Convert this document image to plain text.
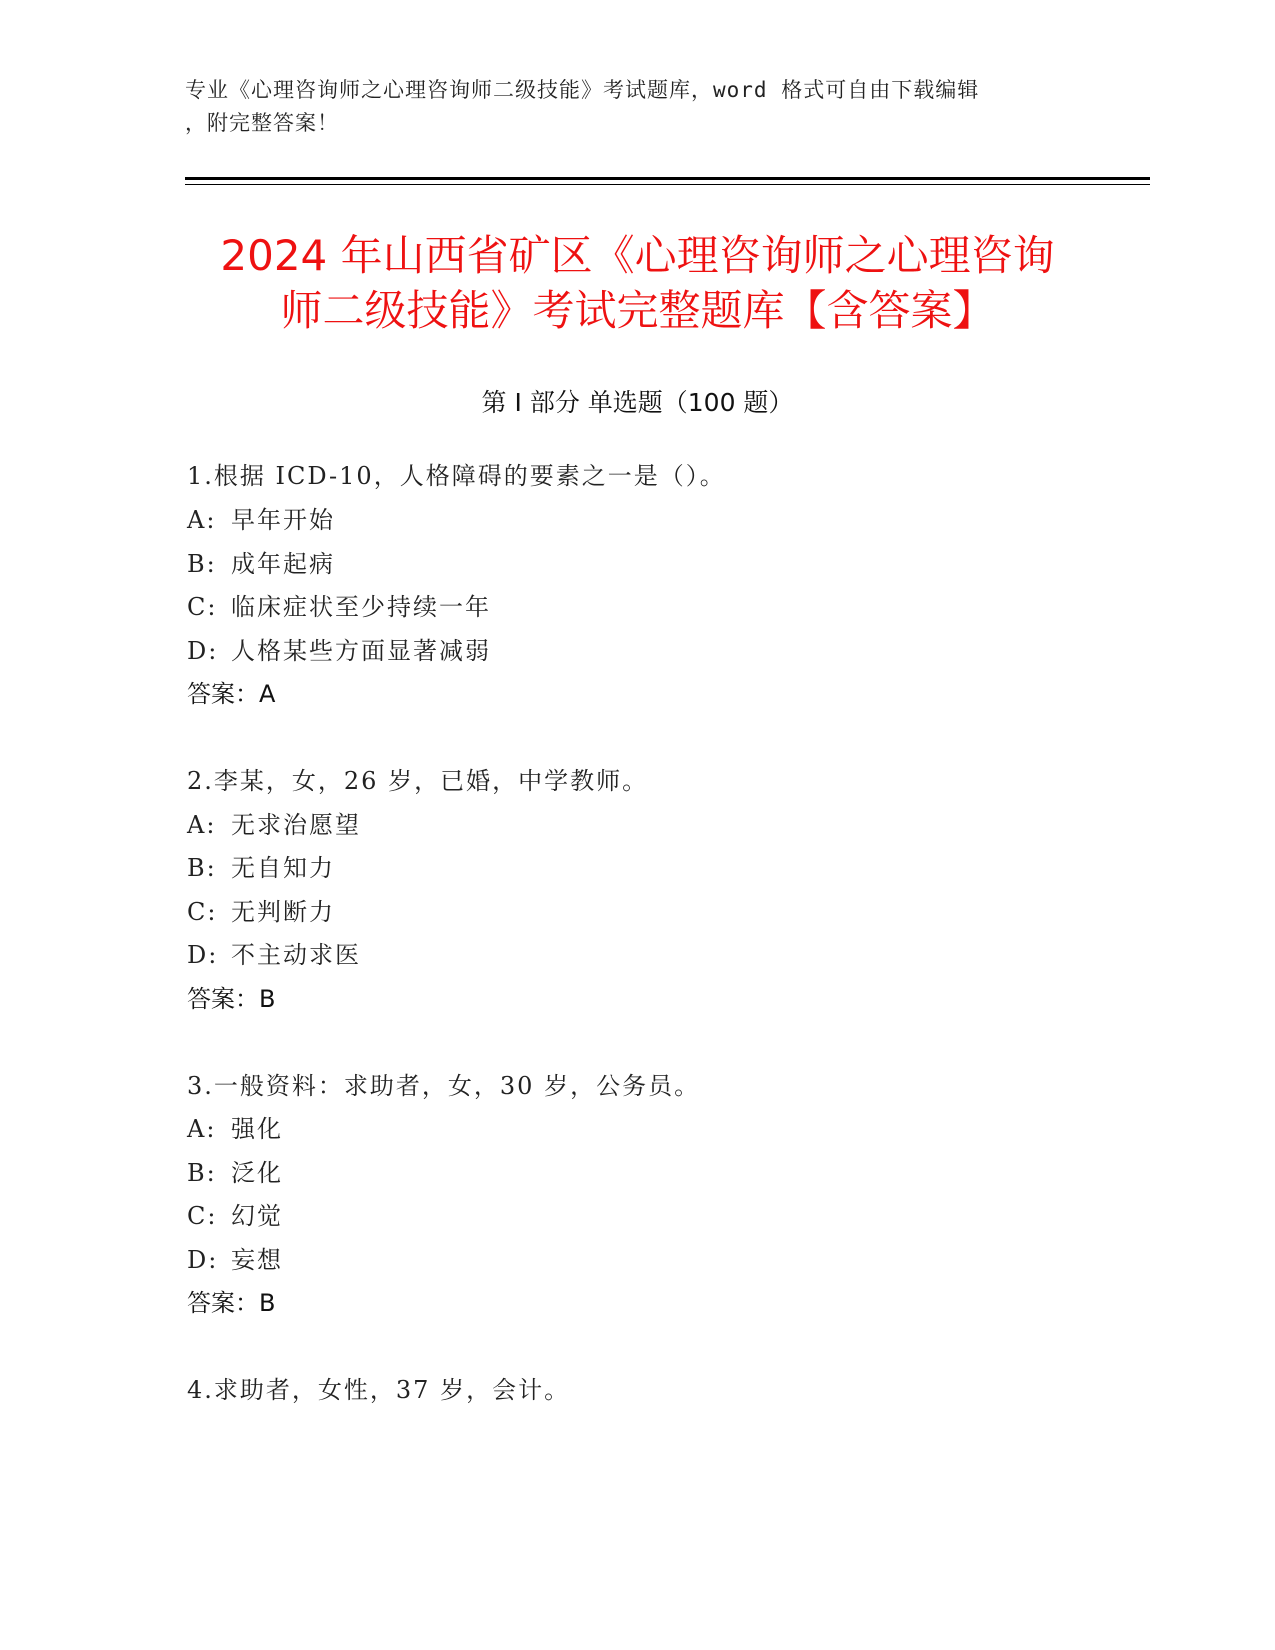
专业《心理咨询师之心理咨询师二级技能》考试题库，word 格式可自由下载编辑
，附完整答案！
2024 年山西省矿区《心理咨询师之心理咨询
师二级技能》考试完整题库【含答案】
第 I 部分 单选题（100 题）
1.根据 ICD-10，人格障碍的要素之一是（）。
A: 早年开始
B: 成年起病
C: 临床症状至少持续一年
D: 人格某些方面显著减弱
答案：A
2.李某，女，26 岁，已婚，中学教师。
A: 无求治愿望
B: 无自知力
C: 无判断力
D: 不主动求医
答案：B
3.一般资料：求助者，女，30 岁，公务员。
A: 强化
B: 泛化
C: 幻觉
D: 妄想
答案：B
4.求助者，女性，37 岁，会计。
